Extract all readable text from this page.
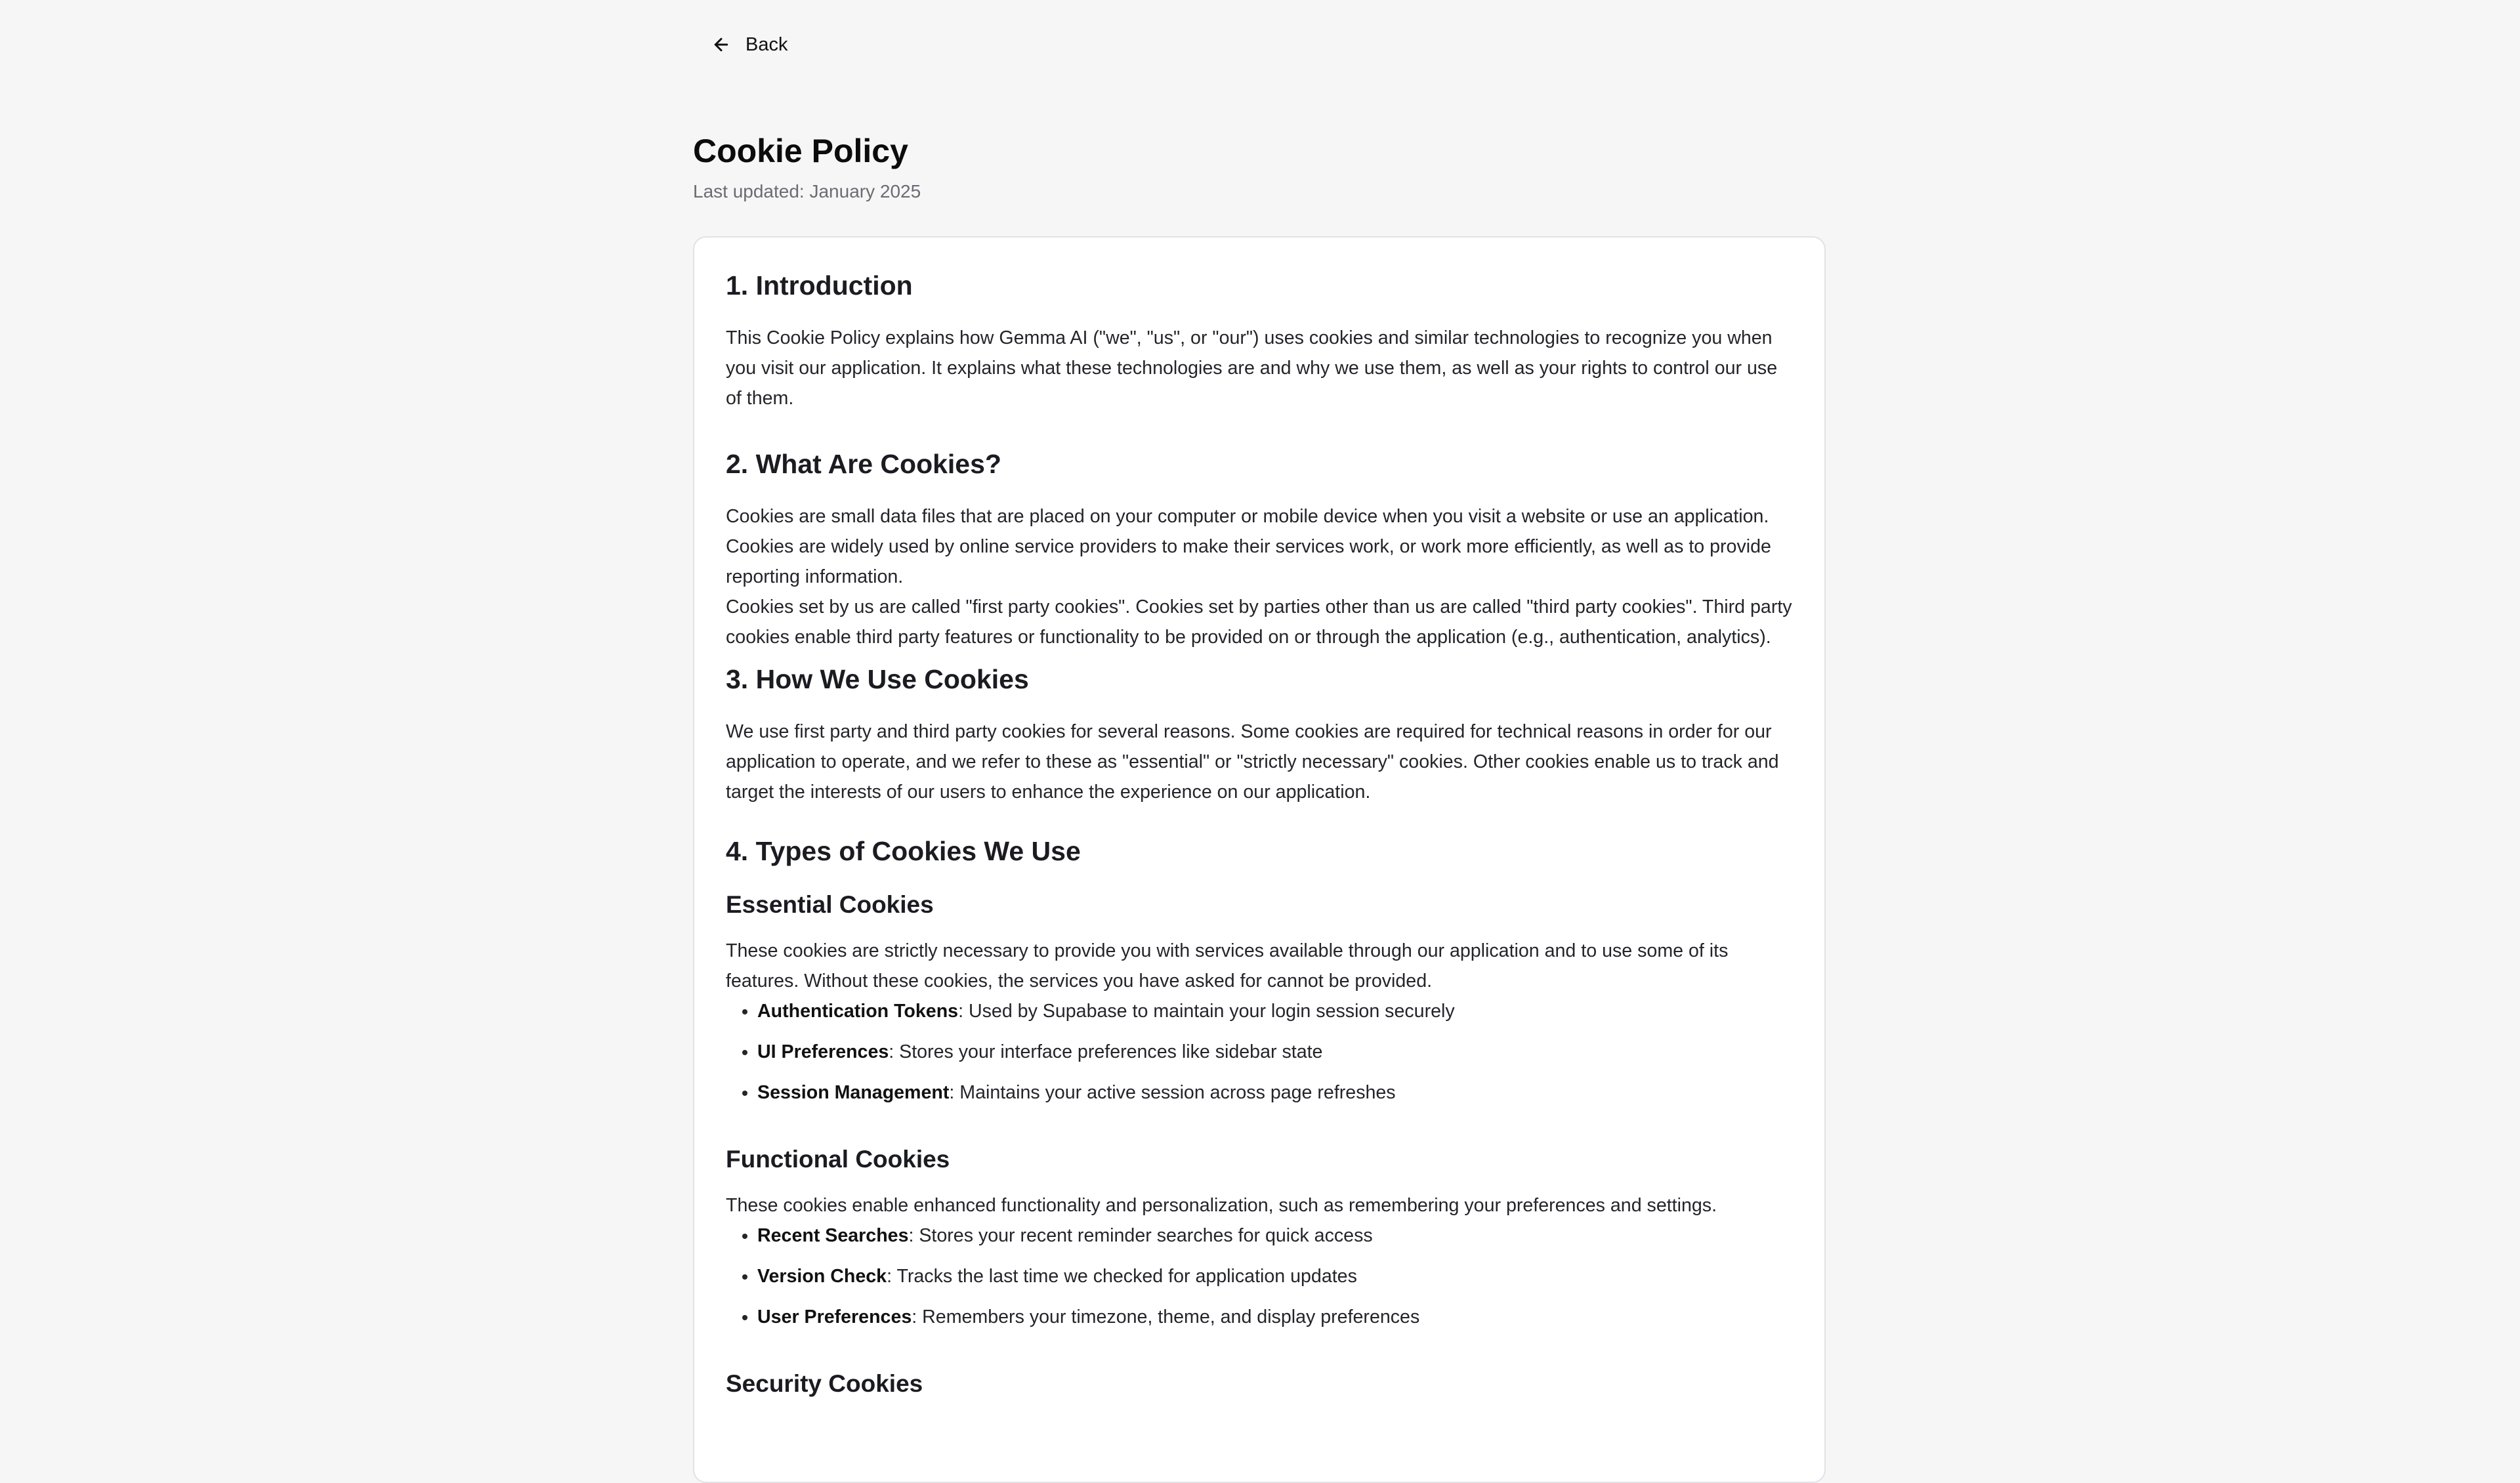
Back
Cookie Policy
Last updated: January 2025
1. Introduction

This Cookie Policy explains how Gemma AI ("we", "us", or "our") uses cookies and similar technologies to recognize you when you visit our application. It explains what these technologies are and why we use them, as well as your rights to control our use of them.

2. What Are Cookies?

Cookies are small data files that are placed on your computer or mobile device when you visit a website or use an application. Cookies are widely used by online service providers to make their services work, or work more efficiently, as well as to provide reporting information.

Cookies set by us are called "first party cookies". Cookies set by parties other than us are called "third party cookies". Third party cookies enable third party features or functionality to be provided on or through the application (e.g., authentication, analytics).

3. How We Use Cookies

We use first party and third party cookies for several reasons. Some cookies are required for technical reasons in order for our application to operate, and we refer to these as "essential" or "strictly necessary" cookies. Other cookies enable us to track and target the interests of our users to enhance the experience on our application.

4. Types of Cookies We Use
Essential Cookies

These cookies are strictly necessary to provide you with services available through our application and to use some of its features. Without these cookies, the services you have asked for cannot be provided.

• Authentication Tokens: Used by Supabase to maintain your login session securely
• UI Preferences: Stores your interface preferences like sidebar state
• Session Management: Maintains your active session across page refreshes
Functional Cookies

These cookies enable enhanced functionality and personalization, such as remembering your preferences and settings.

• Recent Searches: Stores your recent reminder searches for quick access
• Version Check: Tracks the last time we checked for application updates
• User Preferences: Remembers your timezone, theme, and display preferences
Security Cookies
